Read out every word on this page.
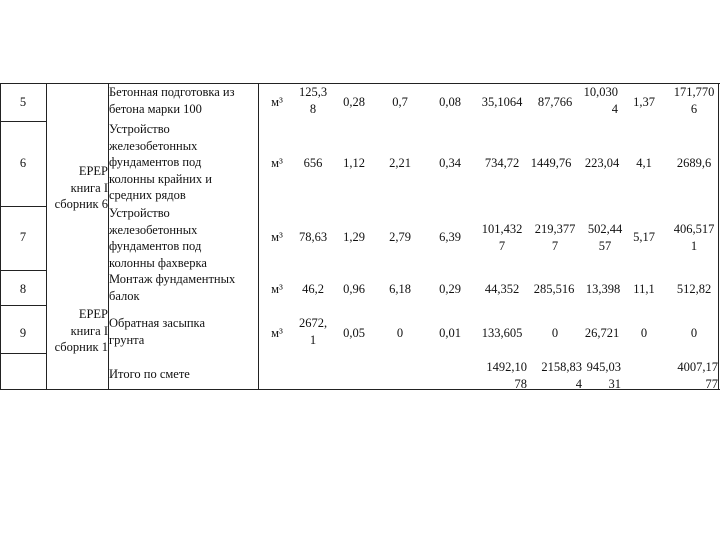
5
6
7
8
9
ЕРЕР
книга I
сборник 6
ЕРЕР
книга I
сборник 1
Бетонная подготовка из
бетона марки 100
Устройство
железобетонных
фундаментов под
колонны крайних и
средних рядов
Устройство
железобетонных
фундаментов под
колонны фахверка
Монтаж фундаментных
балок
Обратная засыпка
грунта
Итого по смете
м³
м³
м³
м³
м³
125,3
8
656
78,63
46,2
2672,
1
0,28
1,12
1,29
0,96
0,05
0,7
2,21
2,79
6,18
0
0,08
0,34
6,39
0,29
0,01
35,1064
734,72
101,432
7
44,352
133,605
1492,10
78
87,766
1449,76
219,377
7
285,516
0
2158,83
4
10,030
4
223,04
502,44
57
13,398
26,721
945,03
31
1,37
4,1
5,17
11,1
0
171,770
6
2689,6
406,517
1
512,82
0
4007,17
77
